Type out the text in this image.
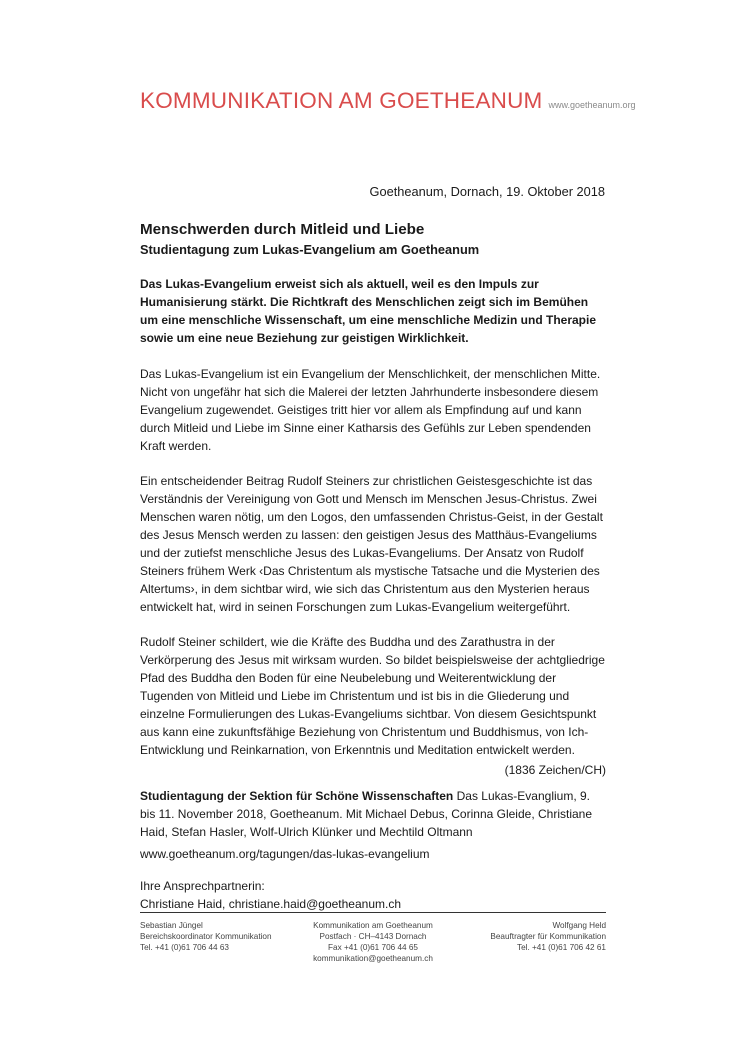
KOMMUNIKATION AM GOETHEANUM www.goetheanum.org
Goetheanum, Dornach, 19. Oktober 2018
Menschwerden durch Mitleid und Liebe
Studientagung zum Lukas-Evangelium am Goetheanum

Das Lukas-Evangelium erweist sich als aktuell, weil es den Impuls zur Humanisierung stärkt. Die Richtkraft des Menschlichen zeigt sich im Bemühen um eine menschliche Wissenschaft, um eine menschliche Medizin und Therapie sowie um eine neue Beziehung zur geistigen Wirklichkeit.

Das Lukas-Evangelium ist ein Evangelium der Menschlichkeit, der menschlichen Mitte. Nicht von ungefähr hat sich die Malerei der letzten Jahrhunderte insbesondere diesem Evangelium zugewendet. Geistiges tritt hier vor allem als Empfindung auf und kann durch Mitleid und Liebe im Sinne einer Katharsis des Gefühls zur Leben spendenden Kraft werden.

Ein entscheidender Beitrag Rudolf Steiners zur christlichen Geistesgeschichte ist das Verständnis der Vereinigung von Gott und Mensch im Menschen Jesus-Christus. Zwei Menschen waren nötig, um den Logos, den umfassenden Christus-Geist, in der Gestalt des Jesus Mensch werden zu lassen: den geistigen Jesus des Matthäus-Evangeliums und der zutiefst menschliche Jesus des Lukas-Evangeliums. Der Ansatz von Rudolf Steiners frühem Werk ‹Das Christentum als mystische Tatsache und die Mysterien des Altertums›, in dem sichtbar wird, wie sich das Christentum aus den Mysterien heraus entwickelt hat, wird in seinen Forschungen zum Lukas-Evangelium weitergeführt.

Rudolf Steiner schildert, wie die Kräfte des Buddha und des Zarathustra in der Verkörperung des Jesus mit wirksam wurden. So bildet beispielsweise der achtgliedrige Pfad des Buddha den Boden für eine Neubelebung und Weiterentwicklung der Tugenden von Mitleid und Liebe im Christentum und ist bis in die Gliederung und einzelne Formulierungen des Lukas-Evangeliums sichtbar. Von diesem Gesichtspunkt aus kann eine zukunftsfähige Beziehung von Christentum und Buddhismus, von Ich-Entwicklung und Reinkarnation, von Erkenntnis und Meditation entwickelt werden.

(1836 Zeichen/CH)

Studientagung der Sektion für Schöne Wissenschaften Das Lukas-Evanglium, 9. bis 11. November 2018, Goetheanum. Mit Michael Debus, Corinna Gleide, Christiane Haid, Stefan Hasler, Wolf-Ulrich Klünker und Mechtild Oltmann

www.goetheanum.org/tagungen/das-lukas-evangelium

Ihre Ansprechpartnerin:
Christiane Haid, christiane.haid@goetheanum.ch

Sebastian Jüngel
Bereichskoordinator Kommunikation
Tel. +41 (0)61 706 44 63
Kommunikation am Goetheanum
Postfach · CH–4143 Dornach
Fax +41 (0)61 706 44 65
kommunikation@goetheanum.ch
Wolfgang Held
Beauftragter für Kommunikation
Tel. +41 (0)61 706 42 61
